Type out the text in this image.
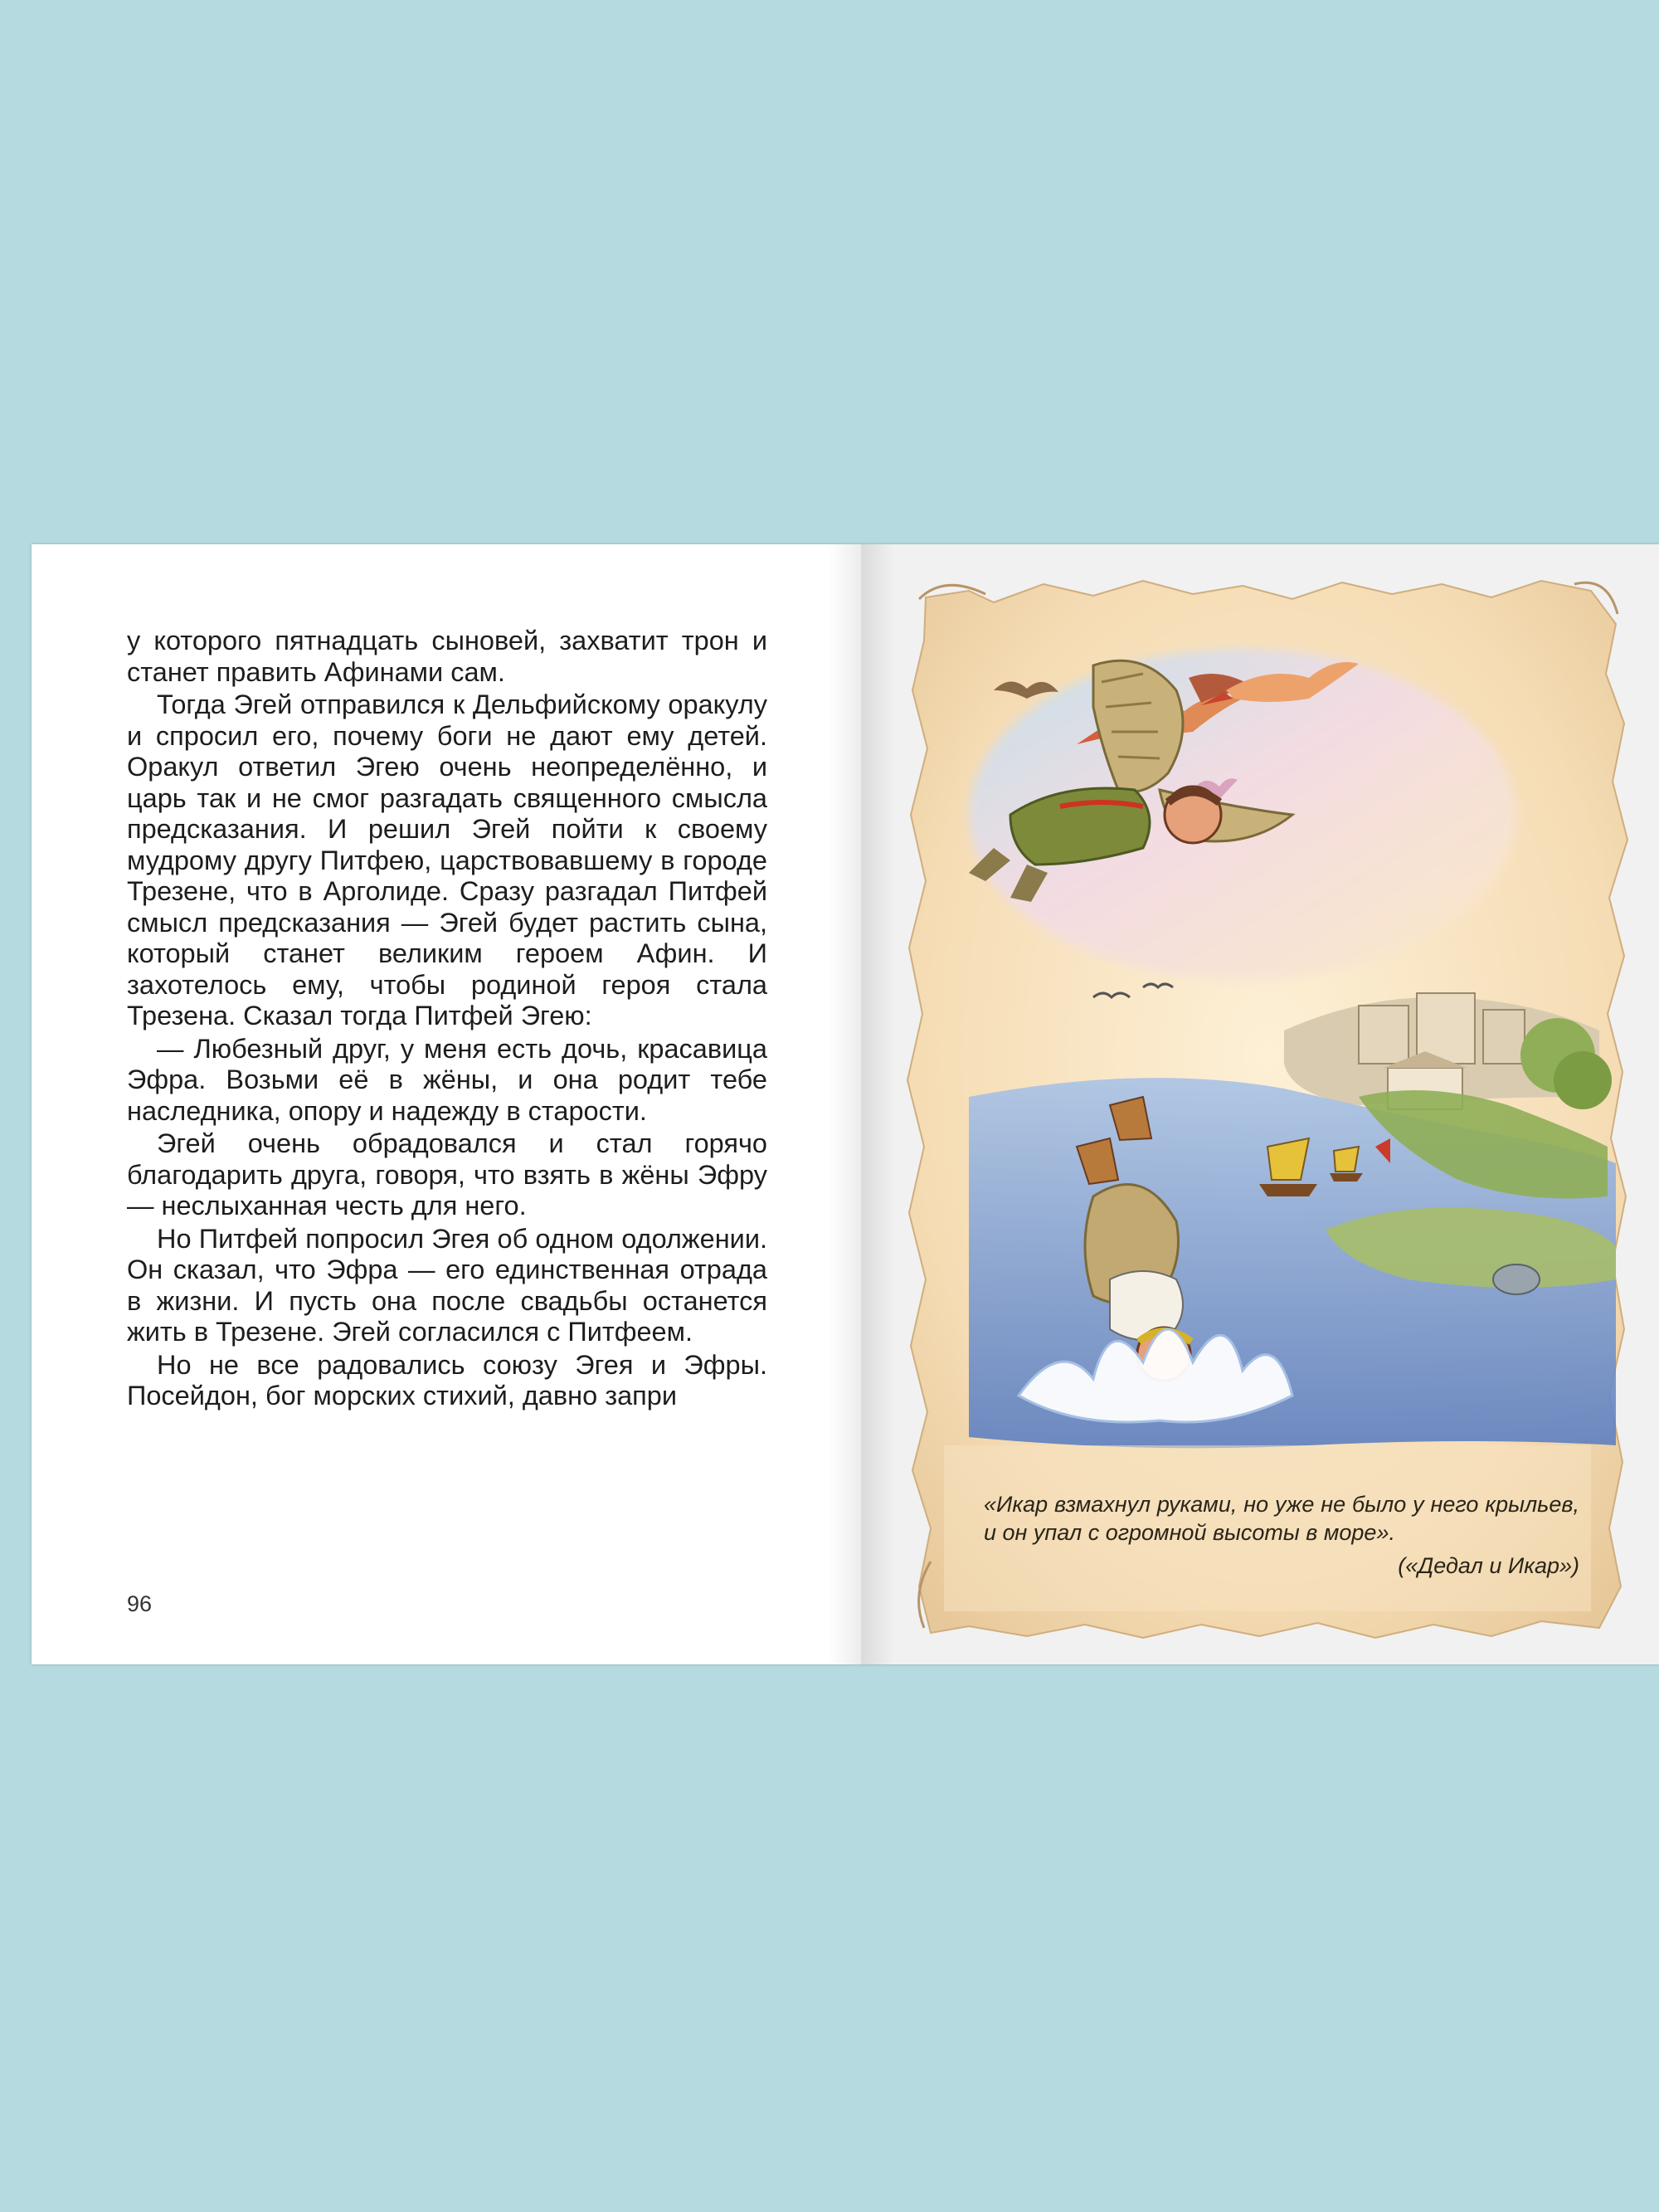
у которого пятнадцать сыновей, захватит трон и станет править Афинами сам.

Тогда Эгей отправился к Дельфийскому оракулу и спросил его, почему боги не дают ему детей. Оракул ответил Эгею очень неопределённо, и царь так и не смог разгадать священного смысла предсказания. И решил Эгей пойти к своему мудрому другу Питфею, царствовавшему в городе Трезене, что в Арголиде. Сразу разгадал Питфей смысл предсказания — Эгей будет растить сына, который станет великим героем Афин. И захотелось ему, чтобы родиной героя стала Трезена. Сказал тогда Питфей Эгею:

— Любезный друг, у меня есть дочь, красавица Эфра. Возьми её в жёны, и она родит тебе наследника, опору и надежду в старости.

Эгей очень обрадовался и стал горячо благодарить друга, говоря, что взять в жёны Эфру — неслыханная честь для него.

Но Питфей попросил Эгея об одном одолжении. Он сказал, что Эфра — его единственная отрада в жизни. И пусть она после свадьбы останется жить в Трезене. Эгей согласился с Питфеем.

Но не все радовались союзу Эгея и Эфры. Посейдон, бог морских стихий, давно запри

96

«Икар взмахнул руками, но уже не было у него крыльев, и он упал с огромной высоты в море».

(«Дедал и Икар»)
